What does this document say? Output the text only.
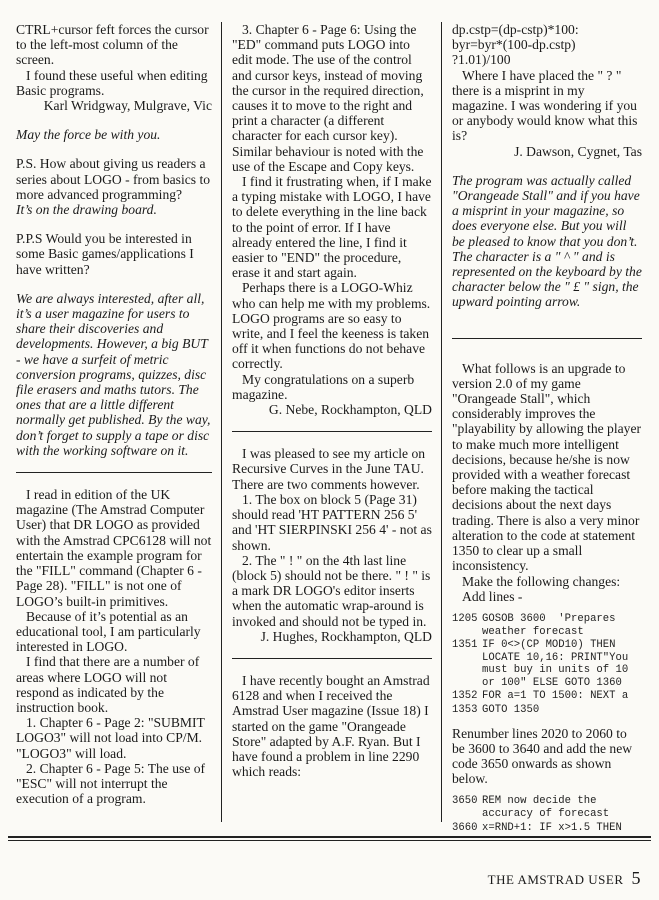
CTRL+cursor feft forces the cursor to the left-most column of the screen.

I found these useful when editing Basic programs.

Karl Wridgway, Mulgrave, Vic

May the force be with you.

P.S. How about giving us readers a series about LOGO - from basics to more advanced programming?

It’s on the drawing board.

P.P.S Would you be interested in some Basic games/applications I have written?

We are always interested, after all, it’s a user magazine for users to share their discoveries and developments. However, a big BUT - we have a surfeit of metric conversion programs, quizzes, disc file erasers and maths tutors. The ones that are a little different normally get published. By the way, don’t forget to supply a tape or disc with the working software on it.

I read in edition of the UK magazine (The Amstrad Computer User) that DR LOGO as provided with the Amstrad CPC6128 will not entertain the example program for the "FILL" command (Chapter 6 - Page 28). "FILL" is not one of LOGO’s built-in primitives.

Because of it’s potential as an educational tool, I am particularly interested in LOGO.

I find that there are a number of areas where LOGO will not respond as indicated by the instruction book.

1. Chapter 6 - Page 2: "SUBMIT LOGO3" will not load into CP/M. "LOGO3" will load.

2. Chapter 6 - Page 5: The use of "ESC" will not interrupt the execution of a program.

3. Chapter 6 - Page 6: Using the "ED" command puts LOGO into edit mode. The use of the control and cursor keys, instead of moving the cursor in the required direction, causes it to move to the right and print a character (a different character for each cursor key). Similar behaviour is noted with the use of the Escape and Copy keys.

I find it frustrating when, if I make a typing mistake with LOGO, I have to delete everything in the line back to the point of error. If I have already entered the line, I find it easier to "END" the procedure, erase it and start again.

Perhaps there is a LOGO-Whiz who can help me with my problems. LOGO programs are so easy to write, and I feel the keeness is taken off it when functions do not behave correctly.

My congratulations on a superb magazine.

G. Nebe, Rockhampton, QLD

I was pleased to see my article on Recursive Curves in the June TAU. There are two comments however.

1. The box on block 5 (Page 31) should read 'HT PATTERN 256 5' and 'HT SIERPINSKI 256 4' - not as shown.

2. The " ! " on the 4th last line (block 5) should not be there. " ! " is a mark DR LOGO's editor inserts when the automatic wrap-around is invoked and should not be typed in.

J. Hughes, Rockhampton, QLD

I have recently bought an Amstrad 6128 and when I received the Amstrad User magazine (Issue 18) I started on the game "Orangeade Store" adapted by A.F. Ryan. But I have found a problem in line 2290 which reads:

dp.cstp=(dp-cstp)*100:

byr=byr*(100-dp.cstp)

?1.01)/100

Where I have placed the " ? " there is a misprint in my magazine. I was wondering if you or anybody would know what this is?

J. Dawson, Cygnet, Tas

The program was actually called "Orangeade Stall" and if you have a misprint in your magazine, so does everyone else. But you will be pleased to know that you don’t. The character is a " ^ " and is represented on the keyboard by the character below the " £ " sign, the upward pointing arrow.

What follows is an upgrade to version 2.0 of my game "Orangeade Stall", which considerably improves the "playability by allowing the player to make much more intelligent decisions, because he/she is now provided with a weather forecast before making the tactical decisions about the next days trading. There is also a very minor alteration to the code at statement 1350 to clear up a small inconsistency.

Make the following changes:

Add lines -

1205 GOSOB 3600  'Prepares weather forecast
1351 IF 0<>(CP MOD10) THEN LOCATE 10,16: PRINT"You must buy in units of 10 or 100" ELSE GOTO 1360
1352 FOR a=1 TO 1500: NEXT a
1353 GOTO 1350

Renumber lines 2020 to 2060 to be 3600 to 3640 and add the new code 3650 onwards as shown below.

3650 REM now decide the accuracy of forecast
3660 x=RND+1: IF x>1.5 THEN
THE AMSTRAD USER 5
